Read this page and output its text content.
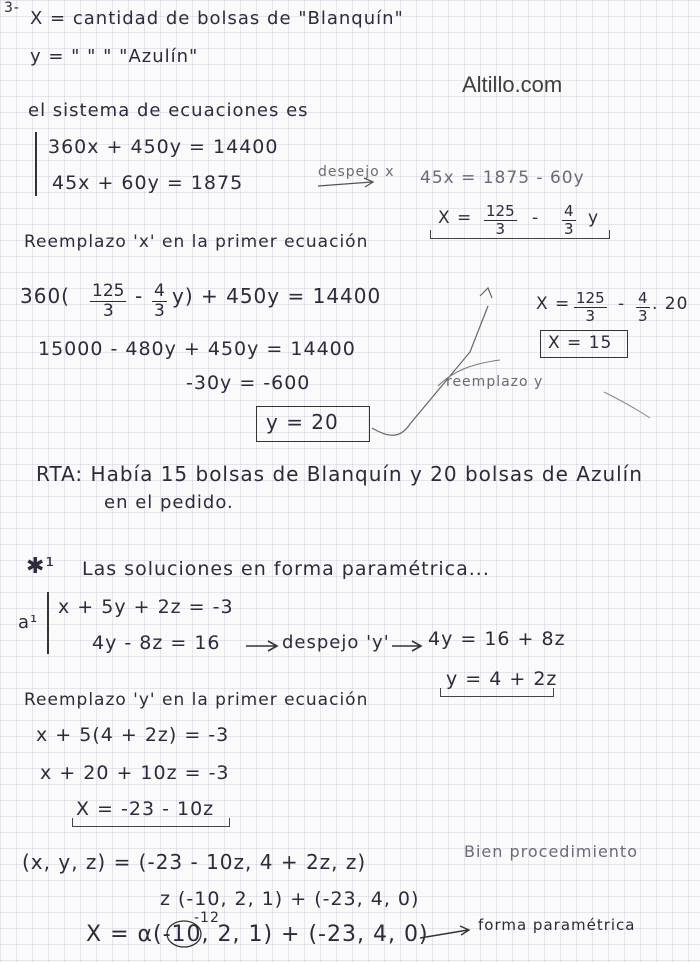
Altillo.com
3- X = cantidad de bolsas de "Blanquín"
y = " " " "Azulín"
el sistema de ecuaciones es
360x + 450y = 14400
45x + 60y = 1875	despejo x 45x = 1875 - 60y
$X = \frac{125}{3} - \frac{4}{3}$ y
Reemplazo 'x' en la primer ecuación
$360( \frac{125}{3} - \frac{4}{3} y) + 450y = 14400$
15000 - 480y + 450y = 14400
-30y = -600
y = 20
reemplazo y
$X = \frac{125}{3} - \frac{4}{3}$ . 20
X = 15
RTA: Había 15 bolsas de Blanquín y 20 bolsas de Azulín
en el pedido.
✱¹ Las soluciones en forma paramétrica...
a¹
x + 5y + 2z = -3
4y - 8z = 16	despejo 'y' 4y = 16 + 8z
y = 4 + 2z
Reemplazo 'y' en la primer ecuación
x + 5(4 + 2z) = -3
x + 20 + 10z = -3
X = -23 - 10z
(x, y, z) = (-23 - 10z, 4 + 2z, z)	Bien procedimiento
z (-10, 2, 1) + (-23, 4, 0)
-12
X = α(-10, 2, 1) + (-23, 4, 0)	forma paramétrica
